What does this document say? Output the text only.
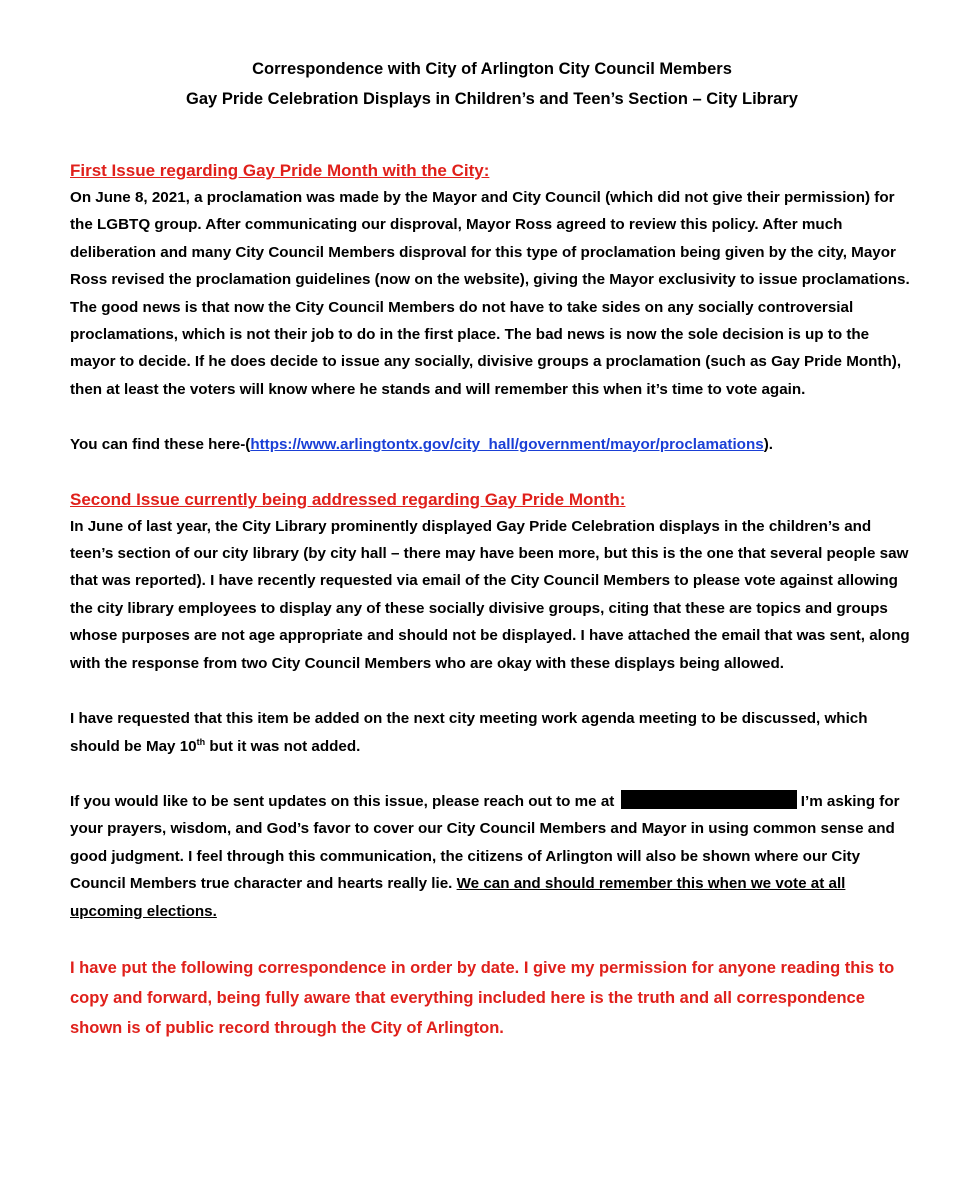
Correspondence with City of Arlington City Council Members
Gay Pride Celebration Displays in Children’s and Teen’s Section – City Library
First Issue regarding Gay Pride Month with the City:

On June 8, 2021, a proclamation was made by the Mayor and City Council (which did not give their permission) for the LGBTQ group. After communicating our disproval, Mayor Ross agreed to review this policy. After much deliberation and many City Council Members disproval for this type of proclamation being given by the city, Mayor Ross revised the proclamation guidelines (now on the website), giving the Mayor exclusivity to issue proclamations. The good news is that now the City Council Members do not have to take sides on any socially controversial proclamations, which is not their job to do in the first place. The bad news is now the sole decision is up to the mayor to decide. If he does decide to issue any socially, divisive groups a proclamation (such as Gay Pride Month), then at least the voters will know where he stands and will remember this when it’s time to vote again.

You can find these here-(https://www.arlingtontx.gov/city_hall/government/mayor/proclamations).

Second Issue currently being addressed regarding Gay Pride Month:

In June of last year, the City Library prominently displayed Gay Pride Celebration displays in the children’s and teen’s section of our city library (by city hall – there may have been more, but this is the one that several people saw that was reported). I have recently requested via email of the City Council Members to please vote against allowing the city library employees to display any of these socially divisive groups, citing that these are topics and groups whose purposes are not age appropriate and should not be displayed. I have attached the email that was sent, along with the response from two City Council Members who are okay with these displays being allowed.

I have requested that this item be added on the next city meeting work agenda meeting to be discussed, which should be May 10th but it was not added.

If you would like to be sent updates on this issue, please reach out to me at	I’m asking for your prayers, wisdom, and God’s favor to cover our City Council Members and Mayor in using common sense and good judgment. I feel through this communication, the citizens of Arlington will also be shown where our City Council Members true character and hearts really lie. We can and should remember this when we vote at all upcoming elections.

I have put the following correspondence in order by date. I give my permission for anyone reading this to copy and forward, being fully aware that everything included here is the truth and all correspondence shown is of public record through the City of Arlington.
